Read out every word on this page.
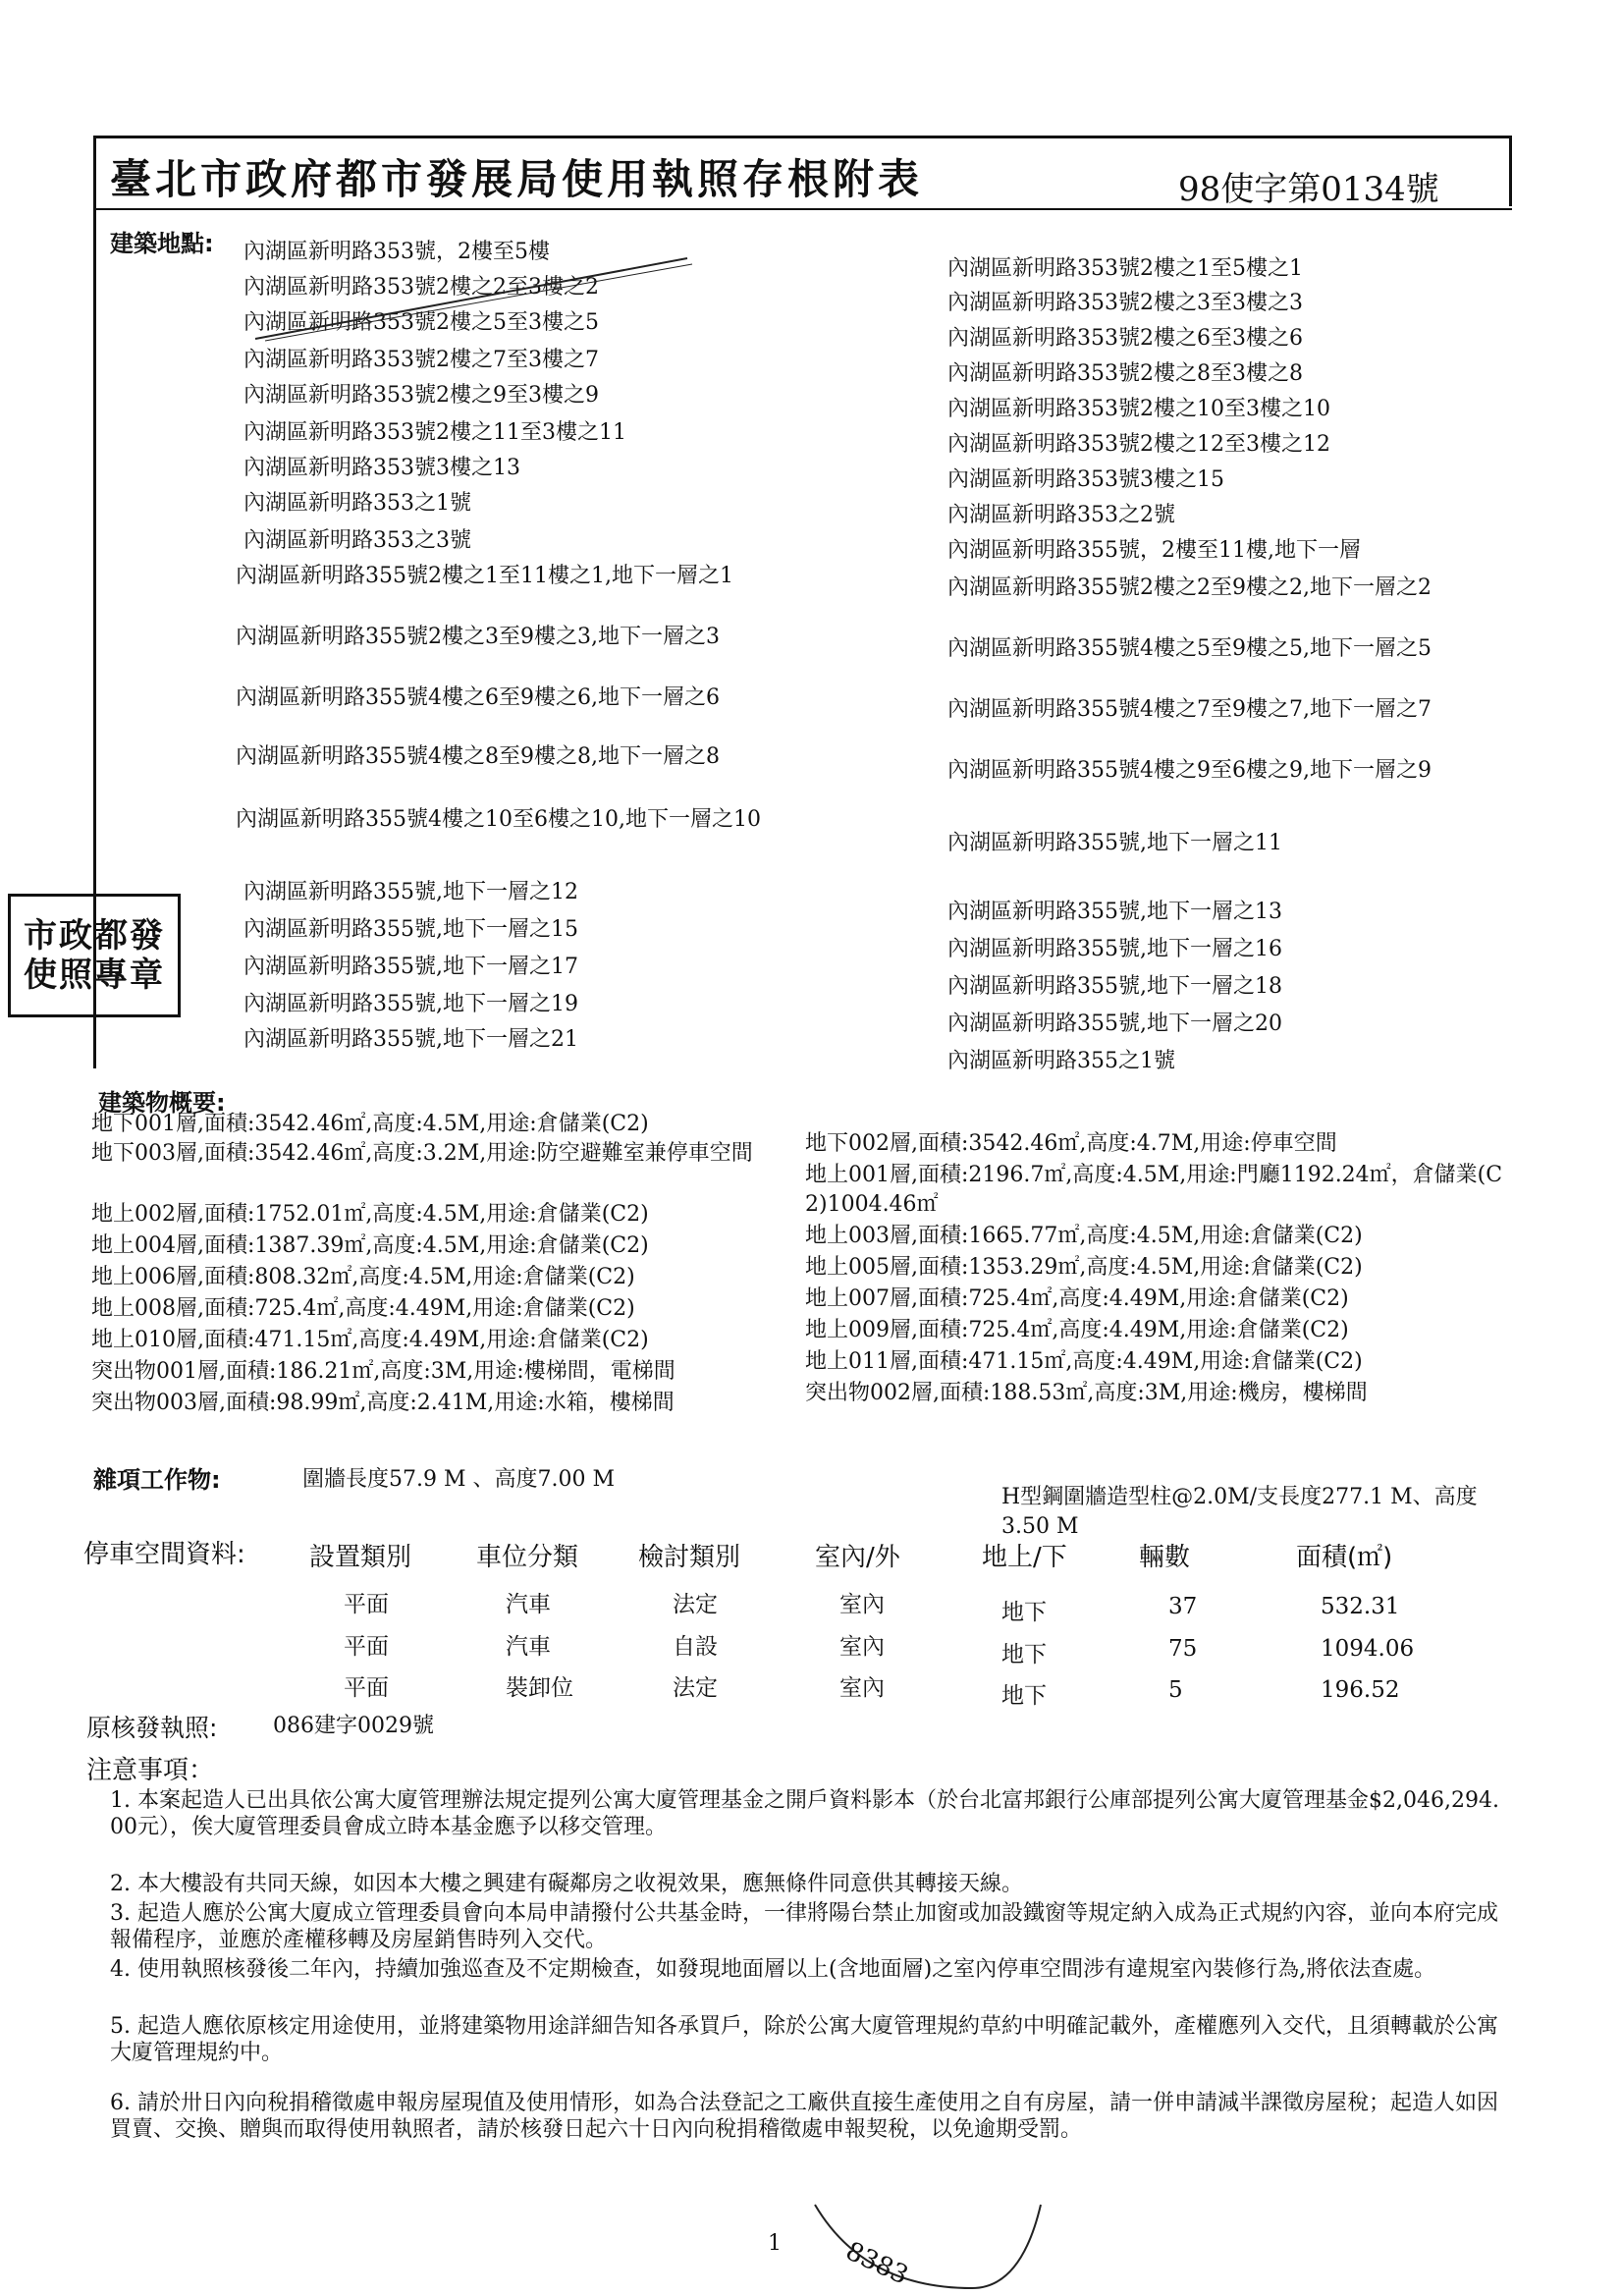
臺北市政府都市發展局使用執照存根附表	98使字第0134號
建築地點: 內湖區新明路353號，2樓至5樓
內湖區新明路353號2樓之2至3樓之2
內湖區新明路353號2樓之5至3樓之5
內湖區新明路353號2樓之7至3樓之7
內湖區新明路353號2樓之9至3樓之9
內湖區新明路353號2樓之11至3樓之11
內湖區新明路353號3樓之13
內湖區新明路353之1號
內湖區新明路353之3號
內湖區新明路355號2樓之1至11樓之1,地下一層之1
內湖區新明路355號2樓之3至9樓之3,地下一層之3
內湖區新明路355號4樓之6至9樓之6,地下一層之6
內湖區新明路355號4樓之8至9樓之8,地下一層之8
內湖區新明路355號4樓之10至6樓之10,地下一層之10
內湖區新明路355號,地下一層之12
內湖區新明路355號,地下一層之15
內湖區新明路355號,地下一層之17
內湖區新明路355號,地下一層之19
內湖區新明路355號,地下一層之21
內湖區新明路353號2樓之1至5樓之1
內湖區新明路353號2樓之3至3樓之3
內湖區新明路353號2樓之6至3樓之6
內湖區新明路353號2樓之8至3樓之8
內湖區新明路353號2樓之10至3樓之10
內湖區新明路353號2樓之12至3樓之12
內湖區新明路353號3樓之15
內湖區新明路353之2號
內湖區新明路355號，2樓至11樓,地下一層
內湖區新明路355號2樓之2至9樓之2,地下一層之2
內湖區新明路355號4樓之5至9樓之5,地下一層之5
內湖區新明路355號4樓之7至9樓之7,地下一層之7
內湖區新明路355號4樓之9至6樓之9,地下一層之9
內湖區新明路355號,地下一層之11
內湖區新明路355號,地下一層之13
內湖區新明路355號,地下一層之16
內湖區新明路355號,地下一層之18
內湖區新明路355號,地下一層之20
內湖區新明路355之1號
市政都發
使照專章
建築物概要:
地下001層,面積:3542.46㎡,高度:4.5M,用途:倉儲業(C2)
地下003層,面積:3542.46㎡,高度:3.2M,用途:防空避難室兼停車空間
地上002層,面積:1752.01㎡,高度:4.5M,用途:倉儲業(C2)
地上004層,面積:1387.39㎡,高度:4.5M,用途:倉儲業(C2)
地上006層,面積:808.32㎡,高度:4.5M,用途:倉儲業(C2)
地上008層,面積:725.4㎡,高度:4.49M,用途:倉儲業(C2)
地上010層,面積:471.15㎡,高度:4.49M,用途:倉儲業(C2)
突出物001層,面積:186.21㎡,高度:3M,用途:樓梯間，電梯間
突出物003層,面積:98.99㎡,高度:2.41M,用途:水箱，樓梯間
地下002層,面積:3542.46㎡,高度:4.7M,用途:停車空間
地上001層,面積:2196.7㎡,高度:4.5M,用途:門廳1192.24㎡，倉儲業(C2)1004.46㎡
地上003層,面積:1665.77㎡,高度:4.5M,用途:倉儲業(C2)
地上005層,面積:1353.29㎡,高度:4.5M,用途:倉儲業(C2)
地上007層,面積:725.4㎡,高度:4.49M,用途:倉儲業(C2)
地上009層,面積:725.4㎡,高度:4.49M,用途:倉儲業(C2)
地上011層,面積:471.15㎡,高度:4.49M,用途:倉儲業(C2)
突出物002層,面積:188.53㎡,高度:3M,用途:機房，樓梯間
雜項工作物:	圍牆長度57.9 M 、高度7.00 M
H型鋼圍牆造型柱@2.0M/支長度277.1 M、高度3.50 M
停車空間資料:	設置類別	車位分類 檢討類別	室內/外	地上/下	輛數	面積(㎡)
平面	汽車	法定	室內	地下	37	532.31
平面	汽車	自設	室內	地下	75	1094.06
平面	裝卸位	法定	室內	地下	5	196.52
原核發執照:	086建字0029號
注意事項：
1. 本案起造人已出具依公寓大廈管理辦法規定提列公寓大廈管理基金之開戶資料影本（於台北富邦銀行公庫部提列公寓大廈管理基金$2,046,294.00元），俟大廈管理委員會成立時本基金應予以移交管理。
2. 本大樓設有共同天線，如因本大樓之興建有礙鄰房之收視效果，應無條件同意供其轉接天線。
3. 起造人應於公寓大廈成立管理委員會向本局申請撥付公共基金時，一律將陽台禁止加窗或加設鐵窗等規定納入成為正式規約內容，並向本府完成報備程序，並應於產權移轉及房屋銷售時列入交代。
4. 使用執照核發後二年內，持續加強巡查及不定期檢查，如發現地面層以上(含地面層)之室內停車空間涉有違規室內裝修行為,將依法查處。
5. 起造人應依原核定用途使用，並將建築物用途詳細告知各承買戶，除於公寓大廈管理規約草約中明確記載外，產權應列入交代，且須轉載於公寓大廈管理規約中。
6. 請於卅日內向稅捐稽徵處申報房屋現值及使用情形，如為合法登記之工廠供直接生產使用之自有房屋，請一併申請減半課徵房屋稅；起造人如因買賣、交換、贈與而取得使用執照者，請於核發日起六十日內向稅捐稽徵處申報契稅，以免逾期受罰。
1 8383
